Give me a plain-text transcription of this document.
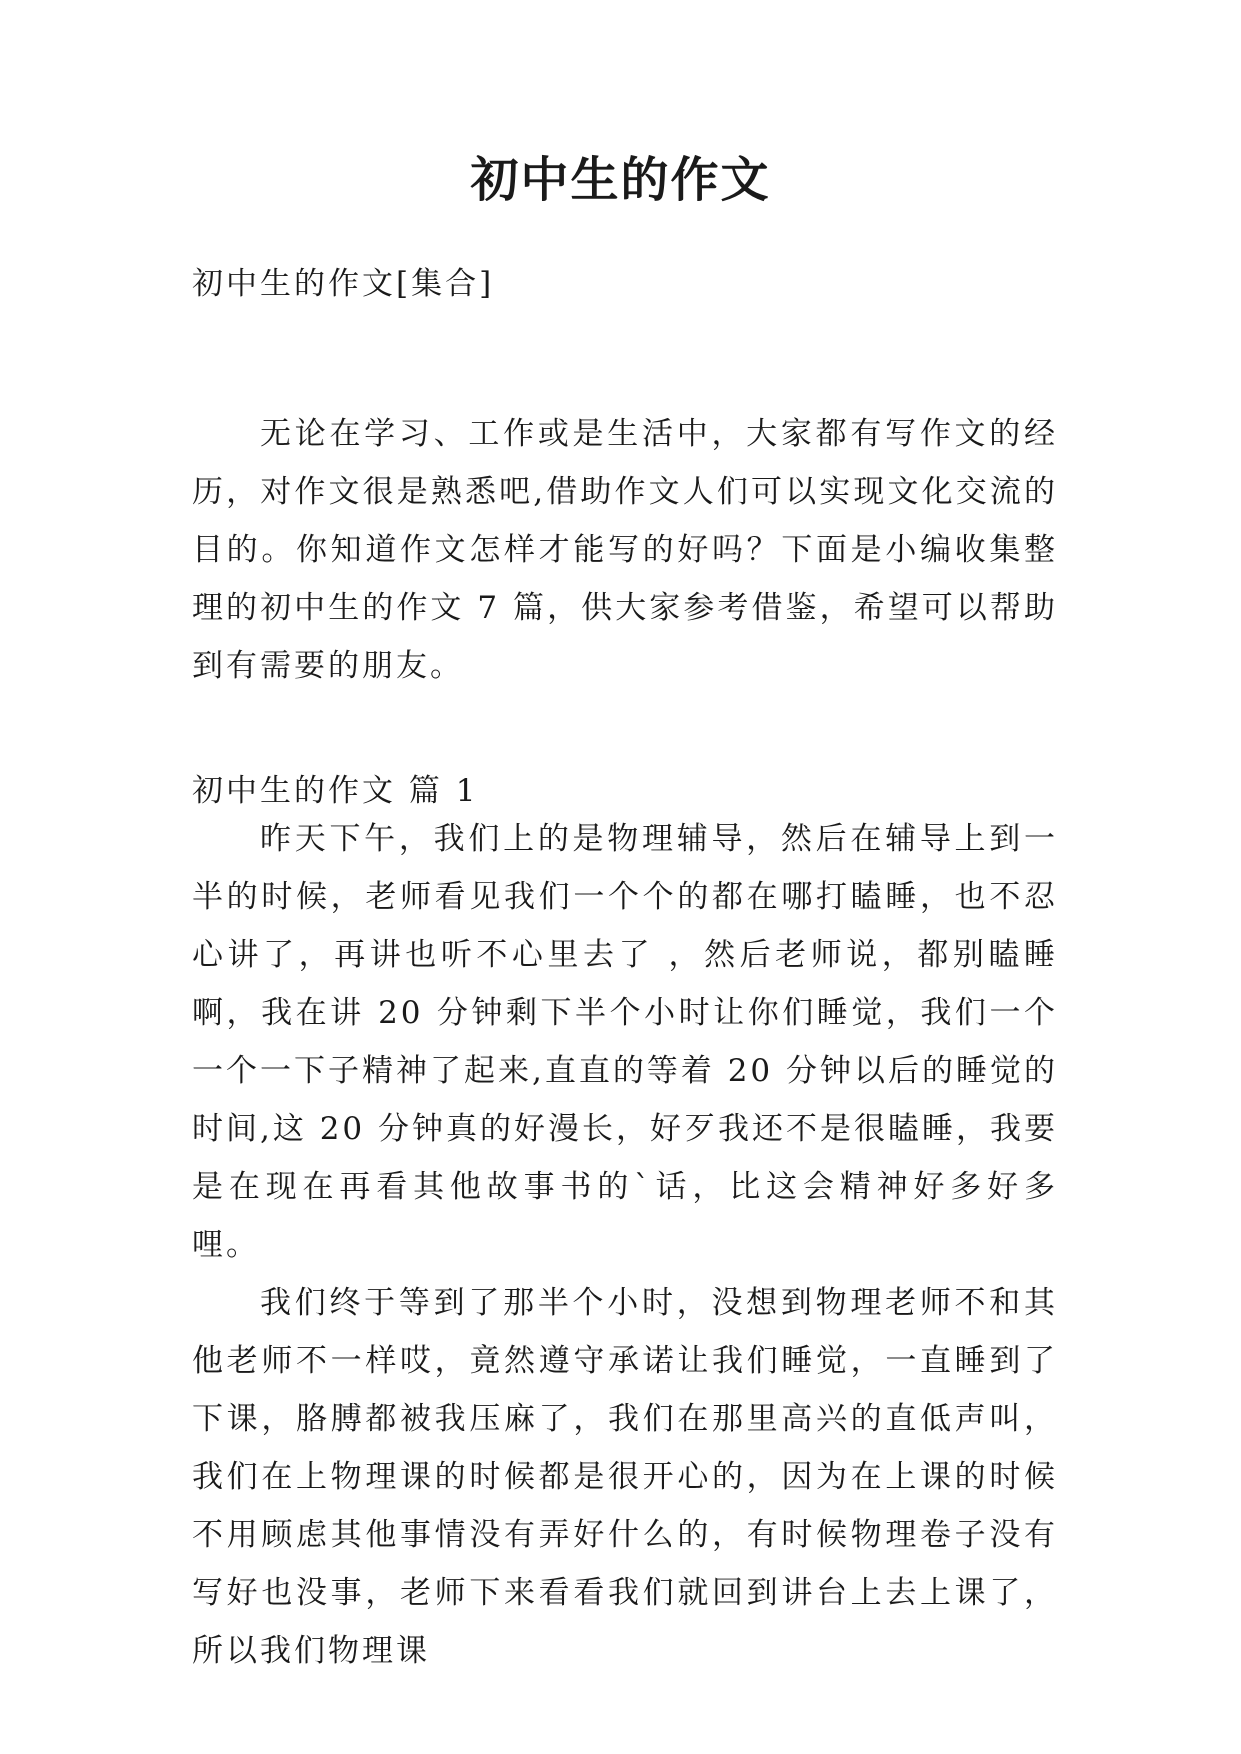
初中生的作文
初中生的作文[集合]

无论在学习、工作或是生活中，大家都有写作文的经历，对作文很是熟悉吧,借助作文人们可以实现文化交流的目的。你知道作文怎样才能写的好吗？下面是小编收集整理的初中生的作文 7 篇，供大家参考借鉴，希望可以帮助到有需要的朋友。

初中生的作文 篇 1

昨天下午，我们上的是物理辅导，然后在辅导上到一半的时候，老师看见我们一个个的都在哪打瞌睡，也不忍心讲了，再讲也听不心里去了 ，然后老师说，都别瞌睡啊，我在讲 20 分钟剩下半个小时让你们睡觉，我们一个一个一下子精神了起来,直直的等着 20 分钟以后的睡觉的时间,这 20 分钟真的好漫长，好歹我还不是很瞌睡，我要是在现在再看其他故事书的`话，比这会精神好多好多哩。

我们终于等到了那半个小时，没想到物理老师不和其他老师不一样哎，竟然遵守承诺让我们睡觉，一直睡到了下课，胳膊都被我压麻了，我们在那里高兴的直低声叫，我们在上物理课的时候都是很开心的，因为在上课的时候不用顾虑其他事情没有弄好什么的，有时候物理卷子没有写好也没事，老师下来看看我们就回到讲台上去上课了，所以我们物理课
